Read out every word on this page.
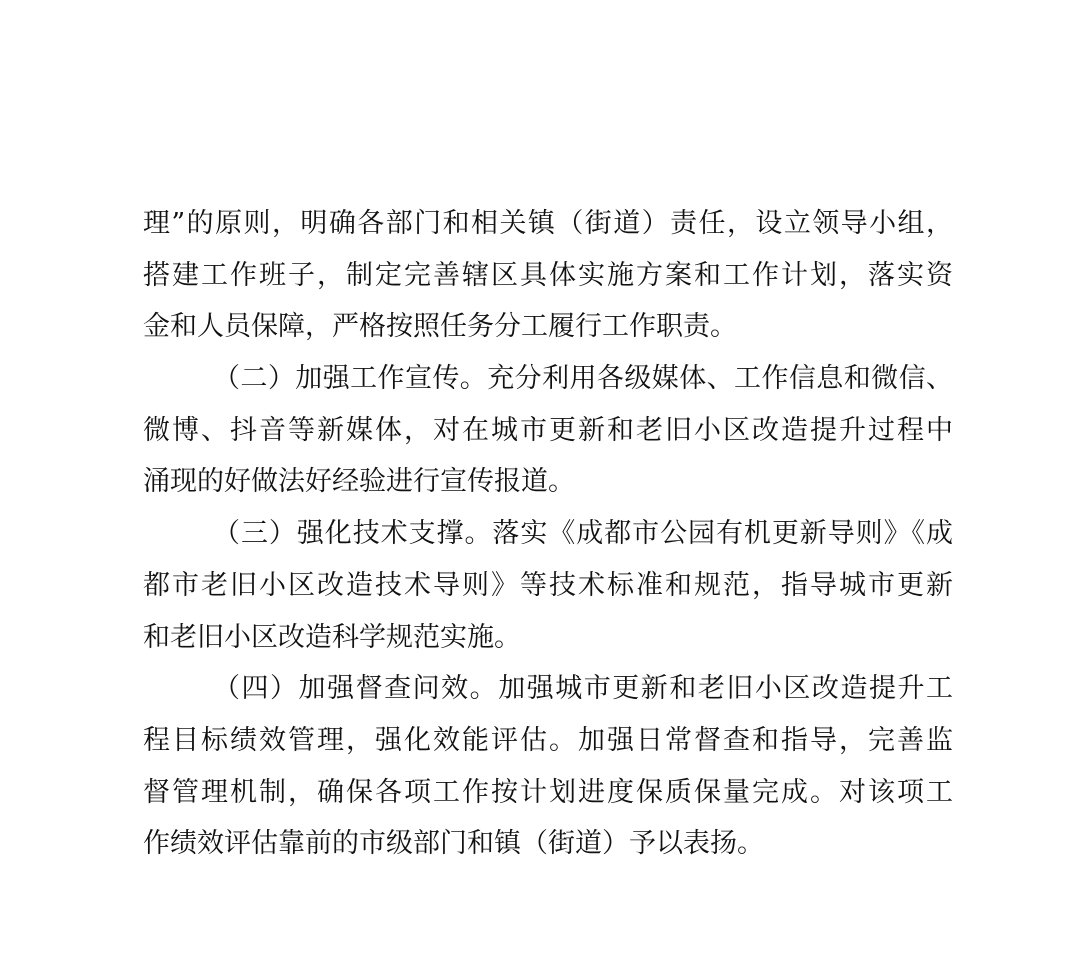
理”的原则，明确各部门和相关镇（街道）责任，设立领导小组，
搭建工作班子，制定完善辖区具体实施方案和工作计划，落实资
金和人员保障，严格按照任务分工履行工作职责。
（二）加强工作宣传。充分利用各级媒体、工作信息和微信、
微博、抖音等新媒体，对在城市更新和老旧小区改造提升过程中
涌现的好做法好经验进行宣传报道。
（三）强化技术支撑。落实《成都市公园有机更新导则》《成
都市老旧小区改造技术导则》等技术标准和规范，指导城市更新
和老旧小区改造科学规范实施。
（四）加强督查问效。加强城市更新和老旧小区改造提升工
程目标绩效管理，强化效能评估。加强日常督查和指导，完善监
督管理机制，确保各项工作按计划进度保质保量完成。对该项工
作绩效评估靠前的市级部门和镇（街道）予以表扬。
